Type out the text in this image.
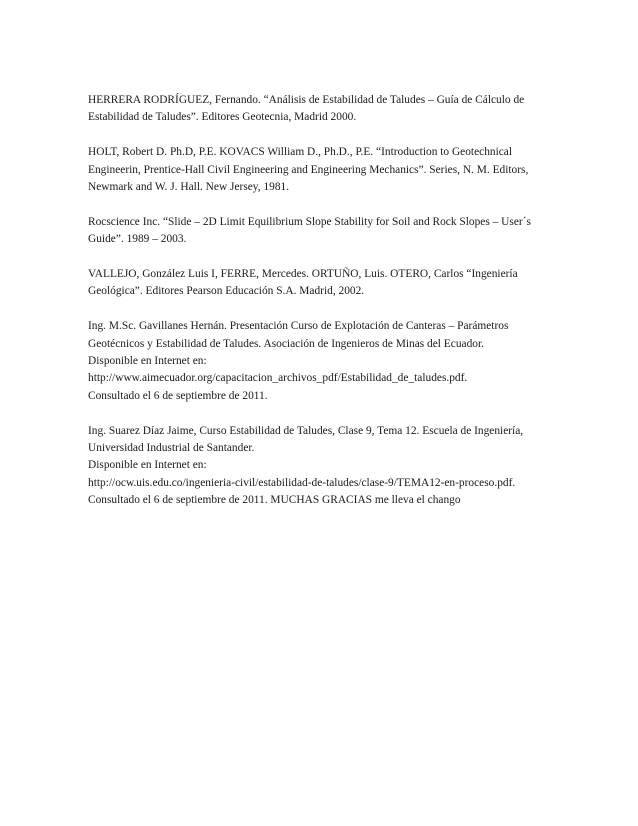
HERRERA RODRÍGUEZ, Fernando. “Análisis de Estabilidad de Taludes – Guía de Cálculo de
Estabilidad de Taludes”. Editores Geotecnia, Madrid 2000.
HOLT, Robert D. Ph.D, P.E. KOVACS William D., Ph.D., P.E. “Introduction to Geotechnical
Engineerin, Prentice-Hall Civil Engineering and Engineering Mechanics”. Series, N. M. Editors,
Newmark and W. J. Hall. New Jersey, 1981.
Rocscience Inc. “Slide – 2D Limit Equilibrium Slope Stability for Soil and Rock Slopes – User´s
Guide”. 1989 – 2003.
VALLEJO, González Luis I, FERRE, Mercedes. ORTUÑO, Luis. OTERO, Carlos “Ingeniería
Geológica”. Editores Pearson Educación S.A. Madrid, 2002.
Ing. M.Sc. Gavillanes Hernán. Presentación Curso de Explotación de Canteras – Parámetros
Geotécnicos y Estabilidad de Taludes. Asociación de Ingenieros de Minas del Ecuador.
Disponible en Internet en:
http://www.aimecuador.org/capacitacion_archivos_pdf/Estabilidad_de_taludes.pdf.
Consultado el 6 de septiembre de 2011.
Ing. Suarez Díaz Jaime, Curso Estabilidad de Taludes, Clase 9, Tema 12. Escuela de Ingeniería,
Universidad Industrial de Santander.
Disponible en Internet en:
http://ocw.uis.edu.co/ingenieria-civil/estabilidad-de-taludes/clase-9/TEMA12-en-proceso.pdf.
Consultado el 6 de septiembre de 2011. MUCHAS GRACIAS me lleva el chango
